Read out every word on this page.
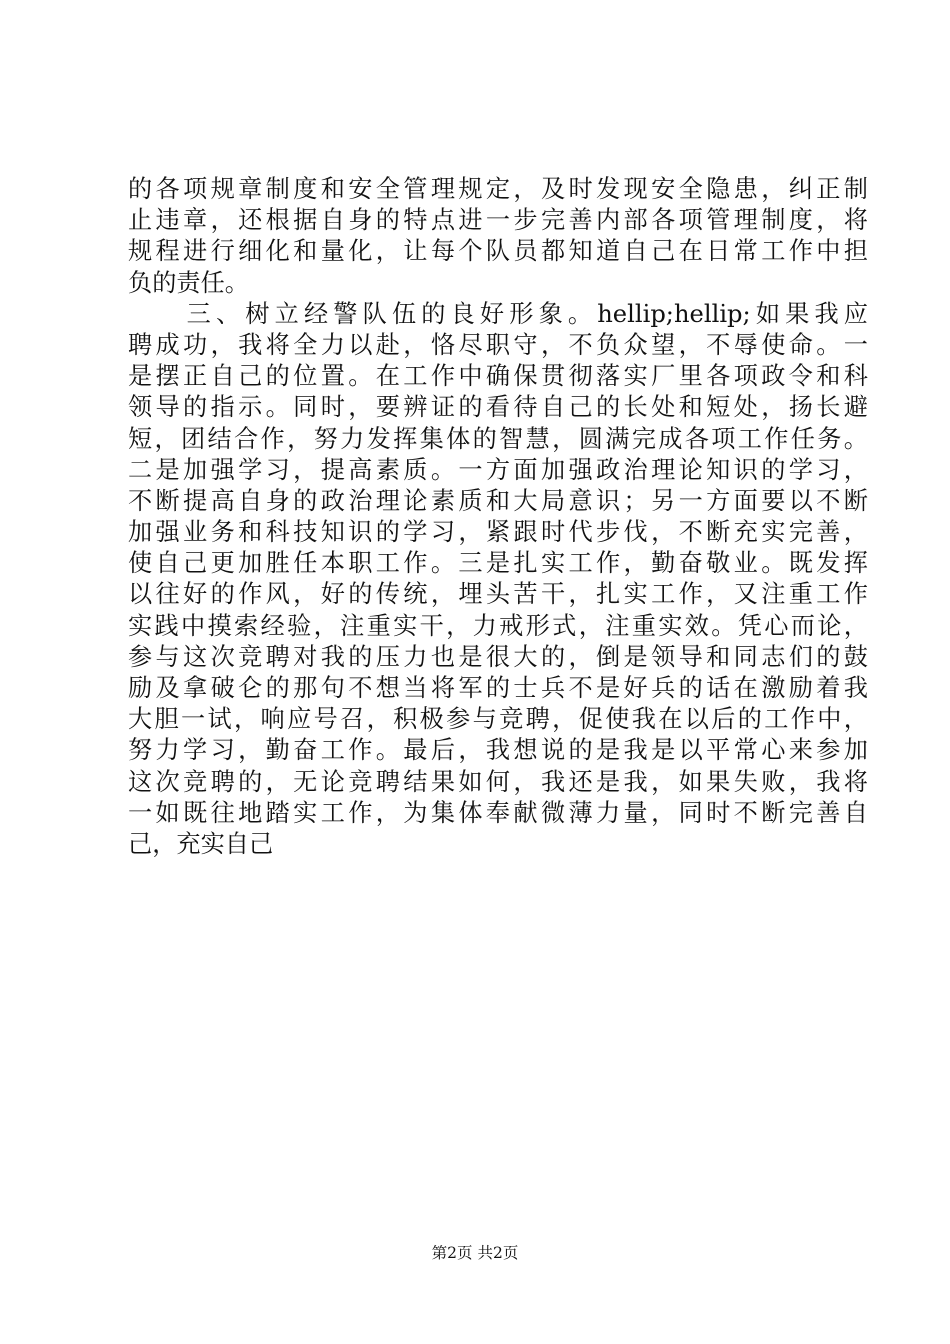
的各项规章制度和安全管理规定，及时发现安全隐患，纠正制
止违章，还根据自身的特点进一步完善内部各项管理制度，将
规程进行细化和量化，让每个队员都知道自己在日常工作中担
负的责任。
　　三、树立经警队伍的良好形象。hellip;hellip;如果我应
聘成功，我将全力以赴，恪尽职守，不负众望，不辱使命。一
是摆正自己的位置。在工作中确保贯彻落实厂里各项政令和科
领导的指示。同时，要辨证的看待自己的长处和短处，扬长避
短，团结合作，努力发挥集体的智慧，圆满完成各项工作任务。
二是加强学习，提高素质。一方面加强政治理论知识的学习，
不断提高自身的政治理论素质和大局意识；另一方面要以不断
加强业务和科技知识的学习，紧跟时代步伐，不断充实完善，
使自己更加胜任本职工作。三是扎实工作，勤奋敬业。既发挥
以往好的作风，好的传统，埋头苦干，扎实工作，又注重工作
实践中摸索经验，注重实干，力戒形式，注重实效。凭心而论，
参与这次竞聘对我的压力也是很大的，倒是领导和同志们的鼓
励及拿破仑的那句不想当将军的士兵不是好兵的话在激励着我
大胆一试，响应号召，积极参与竞聘，促使我在以后的工作中，
努力学习，勤奋工作。最后，我想说的是我是以平常心来参加
这次竞聘的，无论竞聘结果如何，我还是我，如果失败，我将
一如既往地踏实工作，为集体奉献微薄力量，同时不断完善自
己，充实自己
第2页 共2页
